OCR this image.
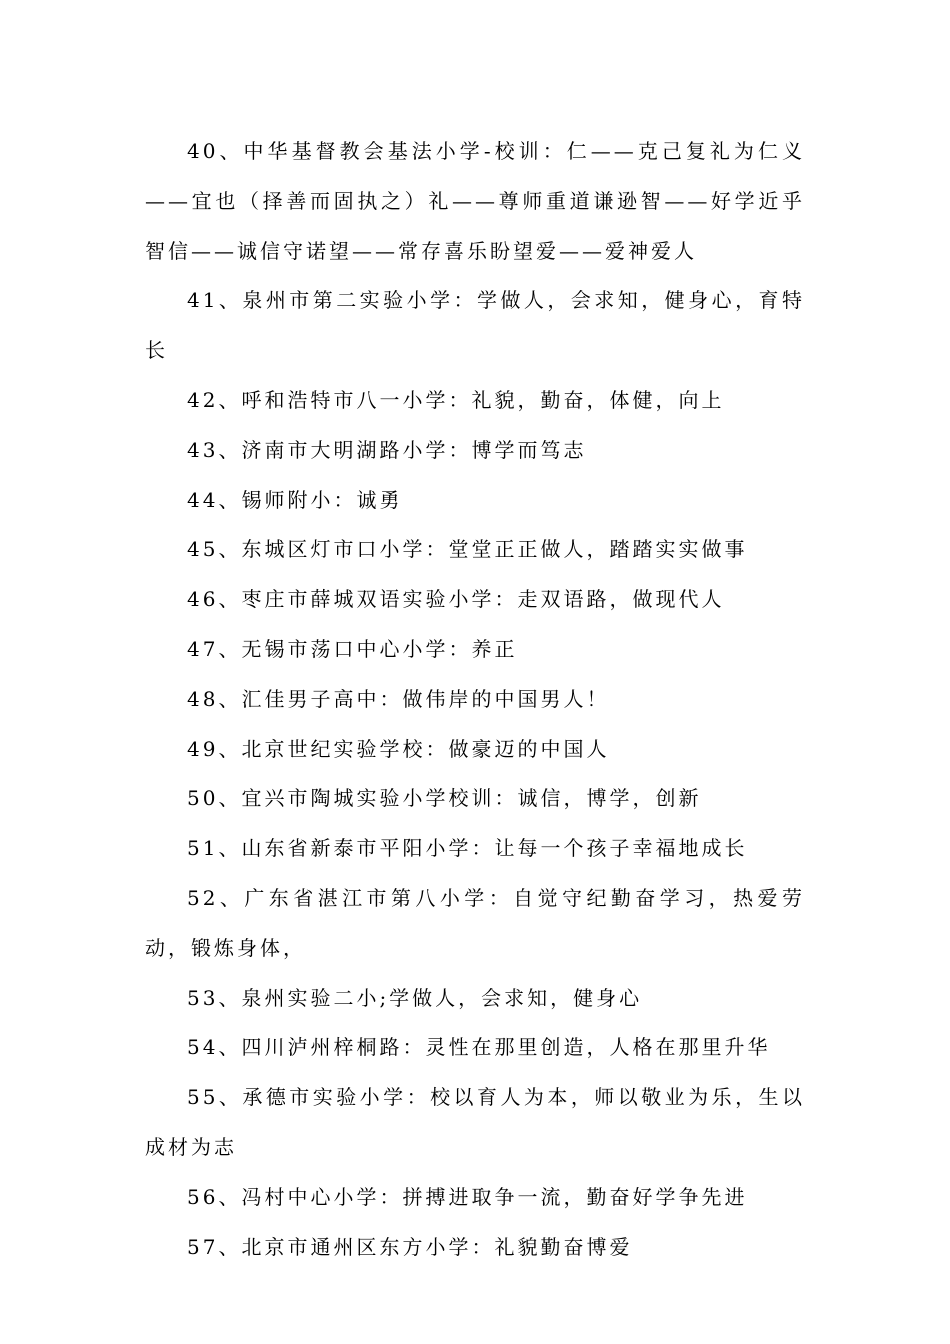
40、中华基督教会基法小学-校训：仁——克己复礼为仁义——宜也（择善而固执之）礼——尊师重道谦逊智——好学近乎智信——诚信守诺望——常存喜乐盼望爱——爱神爱人

41、泉州市第二实验小学：学做人，会求知，健身心，育特长

42、呼和浩特市八一小学：礼貌，勤奋，体健，向上

43、济南市大明湖路小学：博学而笃志

44、锡师附小：诚勇

45、东城区灯市口小学：堂堂正正做人，踏踏实实做事

46、枣庄市薛城双语实验小学：走双语路，做现代人

47、无锡市荡口中心小学：养正

48、汇佳男子高中：做伟岸的中国男人！

49、北京世纪实验学校：做豪迈的中国人

50、宜兴市陶城实验小学校训：诚信，博学，创新

51、山东省新泰市平阳小学：让每一个孩子幸福地成长

52、广东省湛江市第八小学：自觉守纪勤奋学习，热爱劳动，锻炼身体，

53、泉州实验二小;学做人，会求知，健身心

54、四川泸州梓桐路：灵性在那里创造，人格在那里升华

55、承德市实验小学：校以育人为本，师以敬业为乐，生以成材为志

56、冯村中心小学：拼搏进取争一流，勤奋好学争先进

57、北京市通州区东方小学：礼貌勤奋博爱
